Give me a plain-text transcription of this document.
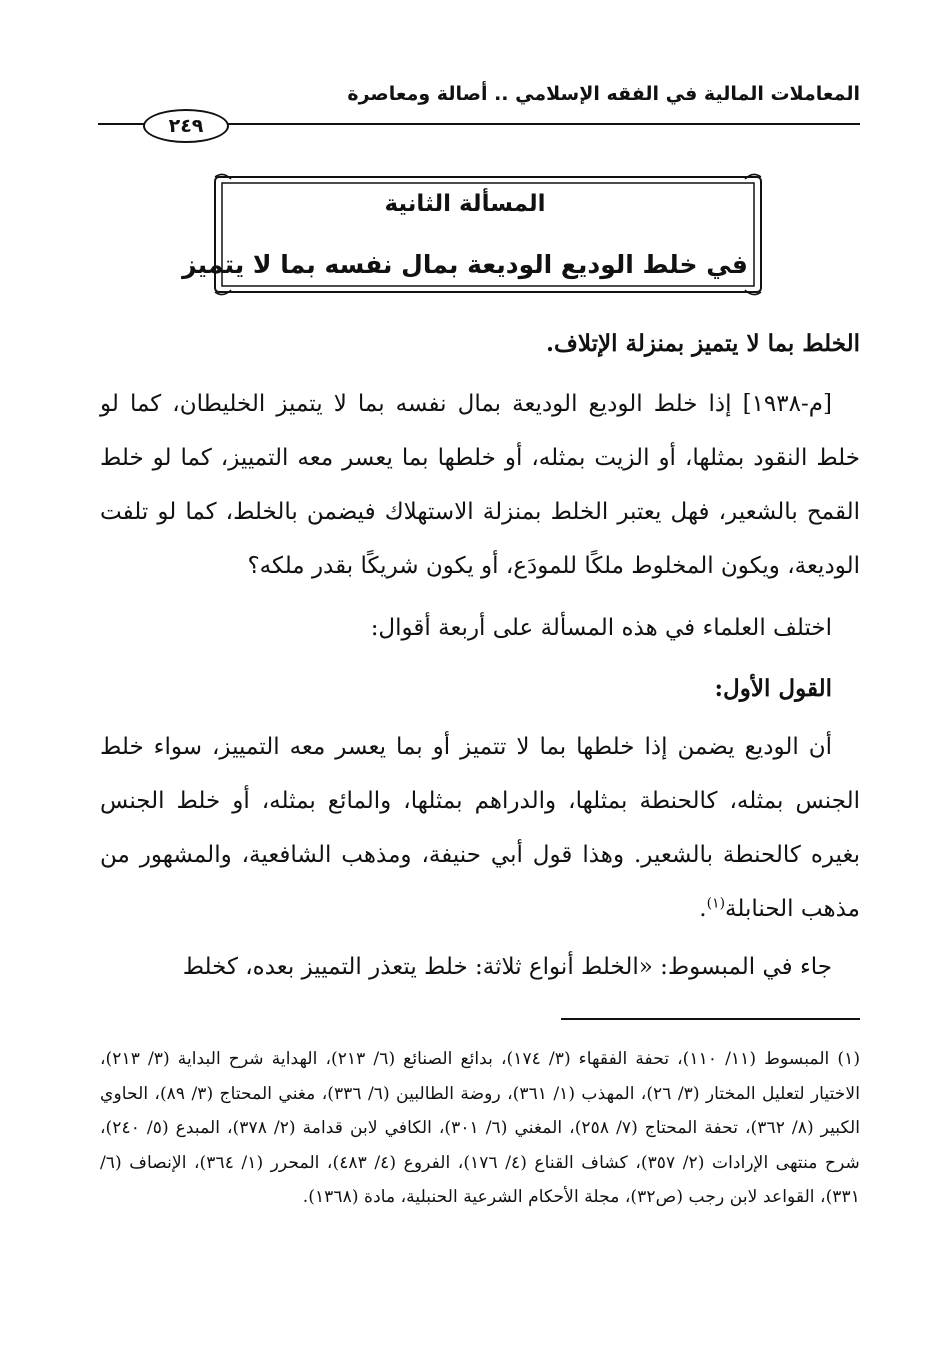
المعاملات المالية في الفقه الإسلامي .. أصالة ومعاصرة
٢٤٩
المسألة الثانية
في خلط الوديع الوديعة بمال نفسه بما لا يتميز
الخلط بما لا يتميز بمنزلة الإتلاف.
[م-١٩٣٨] إذا خلط الوديع الوديعة بمال نفسه بما لا يتميز الخليطان، كما لو خلط النقود بمثلها، أو الزيت بمثله، أو خلطها بما يعسر معه التمييز، كما لو خلط القمح بالشعير، فهل يعتبر الخلط بمنزلة الاستهلاك فيضمن بالخلط، كما لو تلفت الوديعة، ويكون المخلوط ملكًا للمودَع، أو يكون شريكًا بقدر ملكه؟
اختلف العلماء في هذه المسألة على أربعة أقوال:
القول الأول:
أن الوديع يضمن إذا خلطها بما لا تتميز أو بما يعسر معه التمييز، سواء خلط الجنس بمثله، كالحنطة بمثلها، والدراهم بمثلها، والمائع بمثله، أو خلط الجنس بغيره كالحنطة بالشعير. وهذا قول أبي حنيفة، ومذهب الشافعية، والمشهور من مذهب الحنابلة$^{(١)}$.
جاء في المبسوط: «الخلط أنواع ثلاثة: خلط يتعذر التمييز بعده، كخلط
(١) المبسوط (١١/ ١١٠)، تحفة الفقهاء (٣/ ١٧٤)، بدائع الصنائع (٦/ ٢١٣)، الهداية شرح البداية (٣/ ٢١٣)، الاختيار لتعليل المختار (٣/ ٢٦)، المهذب (١/ ٣٦١)، روضة الطالبين (٦/ ٣٣٦)، مغني المحتاج (٣/ ٨٩)، الحاوي الكبير (٨/ ٣٦٢)، تحفة المحتاج (٧/ ٢٥٨)، المغني (٦/ ٣٠١)، الكافي لابن قدامة (٢/ ٣٧٨)، المبدع (٥/ ٢٤٠)، شرح منتهى الإرادات (٢/ ٣٥٧)، كشاف القناع (٤/ ١٧٦)، الفروع (٤/ ٤٨٣)، المحرر (١/ ٣٦٤)، الإنصاف (٦/ ٣٣١)، القواعد لابن رجب (ص٣٢)، مجلة الأحكام الشرعية الحنبلية، مادة (١٣٦٨).
